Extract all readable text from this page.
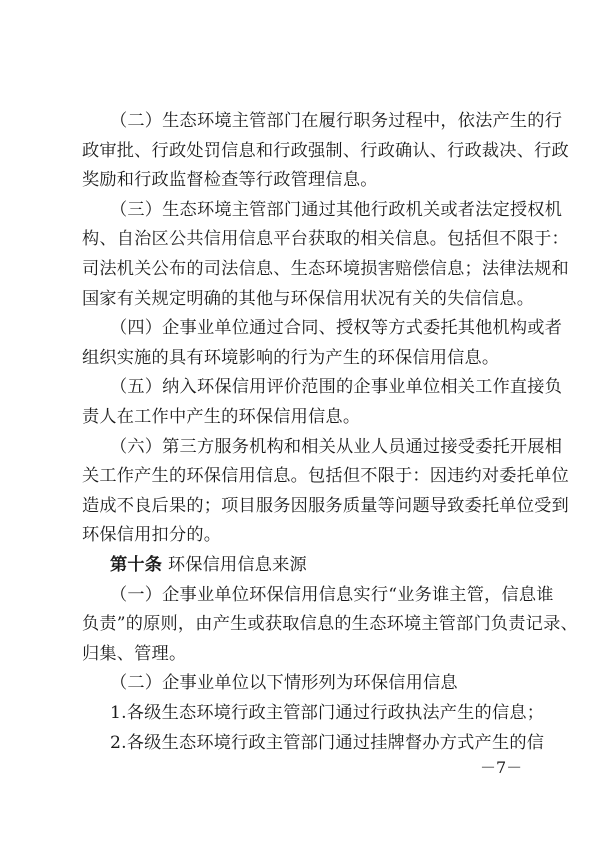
（二）生态环境主管部门在履行职务过程中，依法产生的行
政审批、行政处罚信息和行政强制、行政确认、行政裁决、行政
奖励和行政监督检查等行政管理信息。
（三）生态环境主管部门通过其他行政机关或者法定授权机
构、自治区公共信用信息平台获取的相关信息。包括但不限于：
司法机关公布的司法信息、生态环境损害赔偿信息；法律法规和
国家有关规定明确的其他与环保信用状况有关的失信信息。
（四）企事业单位通过合同、授权等方式委托其他机构或者
组织实施的具有环境影响的行为产生的环保信用信息。
（五）纳入环保信用评价范围的企事业单位相关工作直接负
责人在工作中产生的环保信用信息。
（六）第三方服务机构和相关从业人员通过接受委托开展相
关工作产生的环保信用信息。包括但不限于：因违约对委托单位
造成不良后果的；项目服务因服务质量等问题导致委托单位受到
环保信用扣分的。
第十条 环保信用信息来源
（一）企事业单位环保信用信息实行“业务谁主管，信息谁
负责”的原则，由产生或获取信息的生态环境主管部门负责记录、
归集、管理。
（二）企事业单位以下情形列为环保信用信息
1.各级生态环境行政主管部门通过行政执法产生的信息；
2.各级生态环境行政主管部门通过挂牌督办方式产生的信
－7－
